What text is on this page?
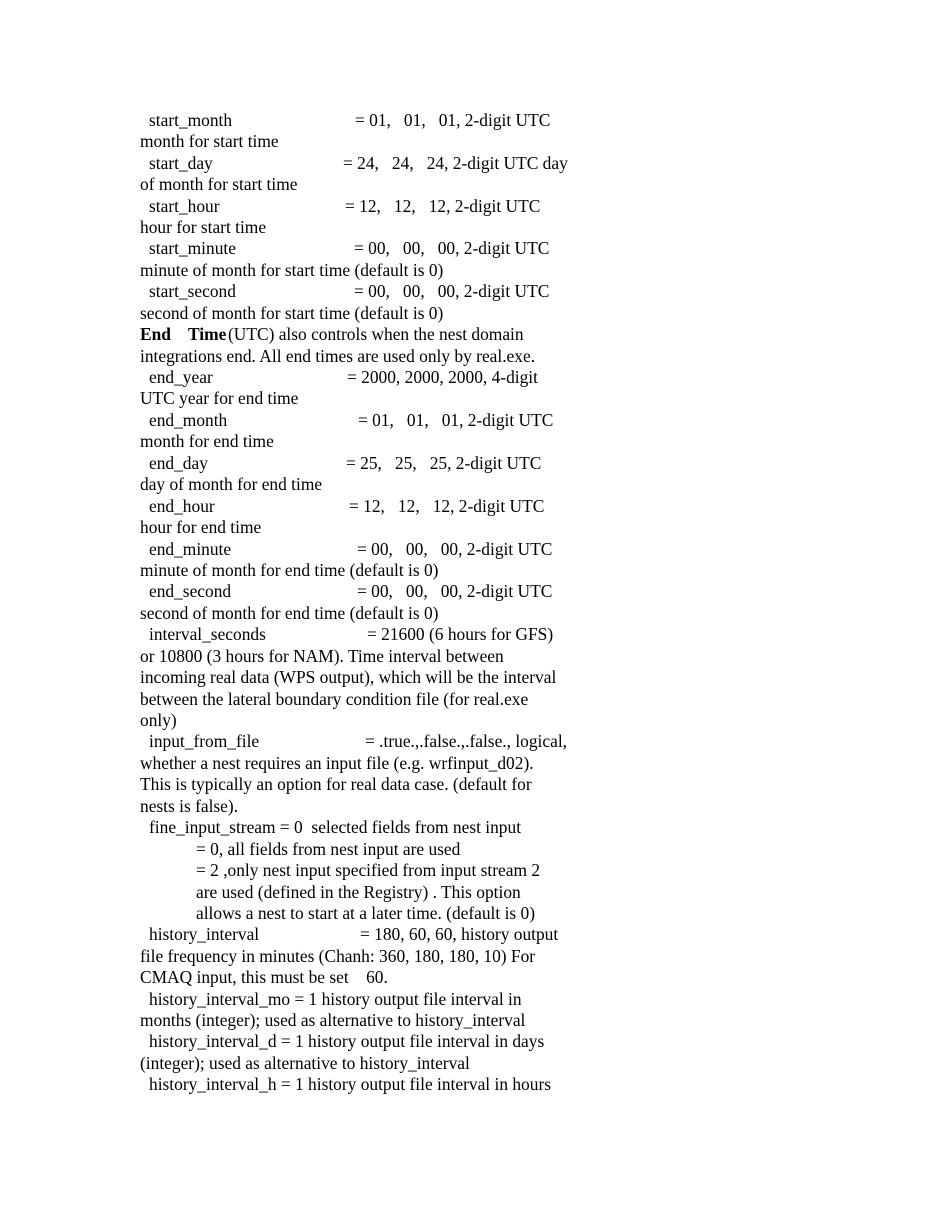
start_month	= 01,   01,   01, 2-digit UTC
month for start time
start_day	= 24,   24,   24, 2-digit UTC day
of month for start time
start_hour	= 12,   12,   12, 2-digit UTC
hour for start time
start_minute	= 00,   00,   00, 2-digit UTC
minute of month for start time (default is 0)
start_second	= 00,   00,   00, 2-digit UTC
second of month for start time (default is 0)
End    Time (UTC) also controls when the nest domain
integrations end. All end times are used only by real.exe.
end_year	= 2000, 2000, 2000, 4-digit
UTC year for end time
end_month	= 01,   01,   01, 2-digit UTC
month for end time
end_day	= 25,   25,   25, 2-digit UTC
day of month for end time
end_hour	= 12,   12,   12, 2-digit UTC
hour for end time
end_minute	= 00,   00,   00, 2-digit UTC
minute of month for end time (default is 0)
end_second	= 00,   00,   00, 2-digit UTC
second of month for end time (default is 0)
interval_seconds	= 21600 (6 hours for GFS)
or 10800 (3 hours for NAM). Time interval between
incoming real data (WPS output), which will be the interval
between the lateral boundary condition file (for real.exe
only)
input_from_file	= .true.,.false.,.false., logical,
whether a nest requires an input file (e.g. wrfinput_d02).
This is typically an option for real data case. (default for
nests is false).
fine_input_stream = 0  selected fields from nest input
= 0, all fields from nest input are used
= 2 ,only nest input specified from input stream 2
are used (defined in the Registry) . This option
allows a nest to start at a later time. (default is 0)
history_interval	= 180, 60, 60, history output
file frequency in minutes (Chanh: 360, 180, 180, 10) For
CMAQ input, this must be set    60.
history_interval_mo = 1 history output file interval in
months (integer); used as alternative to history_interval
history_interval_d = 1 history output file interval in days
(integer); used as alternative to history_interval
history_interval_h = 1 history output file interval in hours
